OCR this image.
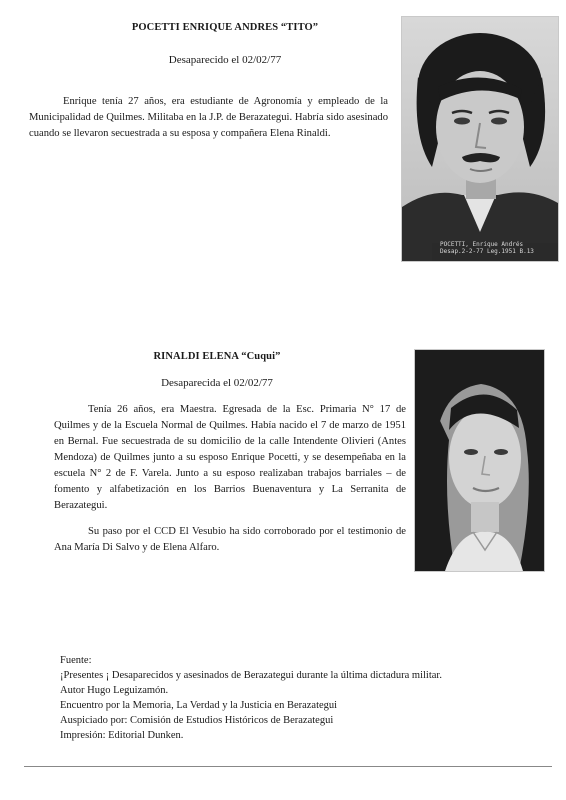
POCETTI ENRIQUE ANDRES “TITO”
Desaparecido el 02/02/77

Enrique tenía 27 años, era estudiante de Agronomía y empleado de la Municipalidad de Quilmes. Militaba en la J.P. de Berazategui. Habría sido asesinado cuando se llevaron secuestrada a su esposa y compañera Elena Rinaldi.

POCETTI, Enrique Andrés
Desap.2-2-77 Leg.1951 B.13
RINALDI ELENA “Cuqui”
Desaparecida el 02/02/77

Tenía 26 años, era Maestra. Egresada de la Esc. Primaria N° 17 de Quilmes y de la Escuela Normal de Quilmes. Había nacido el 7 de marzo de 1951 en Bernal. Fue secuestrada de su domicilio de la calle Intendente Olivieri (Antes Mendoza) de Quilmes junto a su esposo Enrique Pocetti, y se desempeñaba en la escuela N° 2 de F. Varela. Junto a su esposo realizaban trabajos barriales – de fomento y alfabetización en los Barrios Buenaventura y La Serranita de Berazategui.

Su paso por el CCD El Vesubio ha sido corroborado por el testimonio de Ana María Di Salvo y de Elena Alfaro.

Fuente:
¡Presentes ¡ Desaparecidos y asesinados de Berazategui durante la última dictadura militar.
Autor Hugo Leguizamón.
Encuentro por la Memoria, La Verdad y la Justicia en Berazategui
Auspiciado por: Comisión de Estudios Históricos de Berazategui
Impresión: Editorial Dunken.
